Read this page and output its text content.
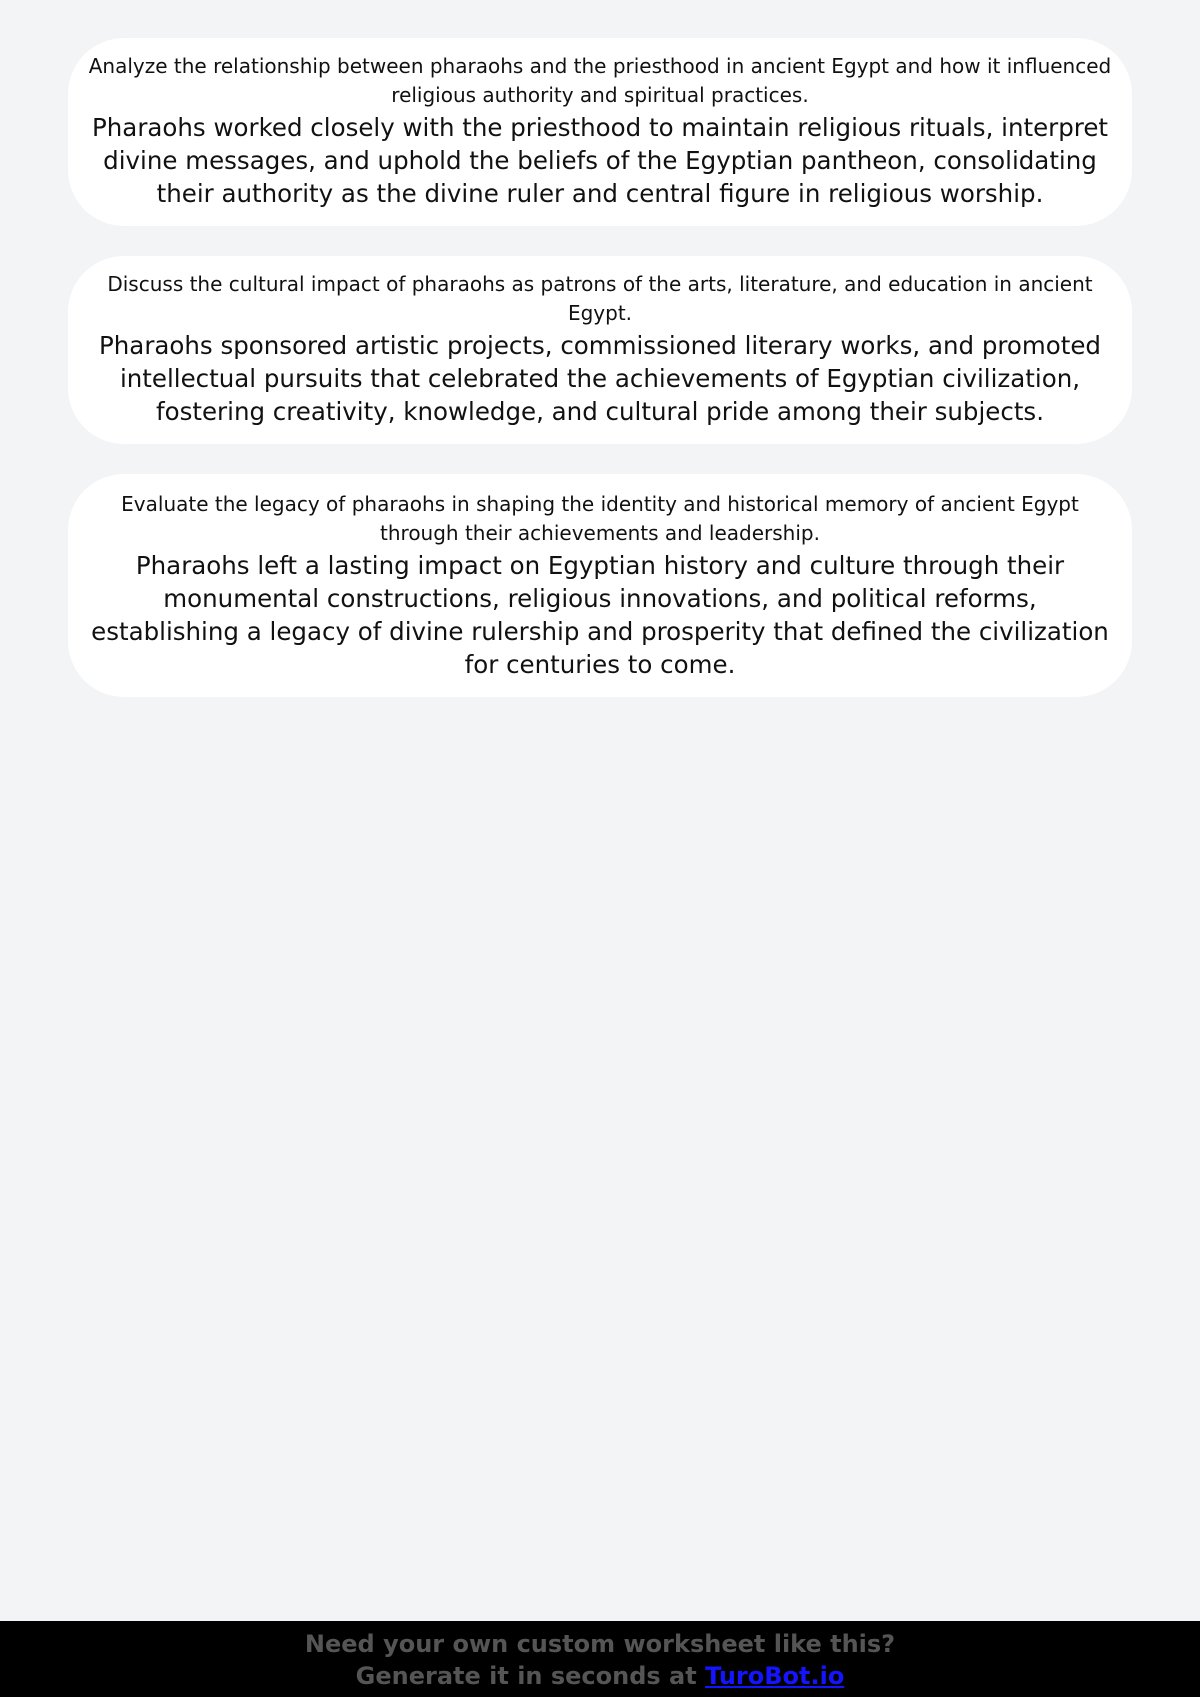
Analyze the relationship between pharaohs and the priesthood in ancient Egypt and how it influenced religious authority and spiritual practices.

Pharaohs worked closely with the priesthood to maintain religious rituals, interpret divine messages, and uphold the beliefs of the Egyptian pantheon, consolidating their authority as the divine ruler and central figure in religious worship.

Discuss the cultural impact of pharaohs as patrons of the arts, literature, and education in ancient Egypt.

Pharaohs sponsored artistic projects, commissioned literary works, and promoted intellectual pursuits that celebrated the achievements of Egyptian civilization, fostering creativity, knowledge, and cultural pride among their subjects.

Evaluate the legacy of pharaohs in shaping the identity and historical memory of ancient Egypt through their achievements and leadership.

Pharaohs left a lasting impact on Egyptian history and culture through their monumental constructions, religious innovations, and political reforms, establishing a legacy of divine rulership and prosperity that defined the civilization for centuries to come.

Need your own custom worksheet like this?

Generate it in seconds at TuroBot.io
